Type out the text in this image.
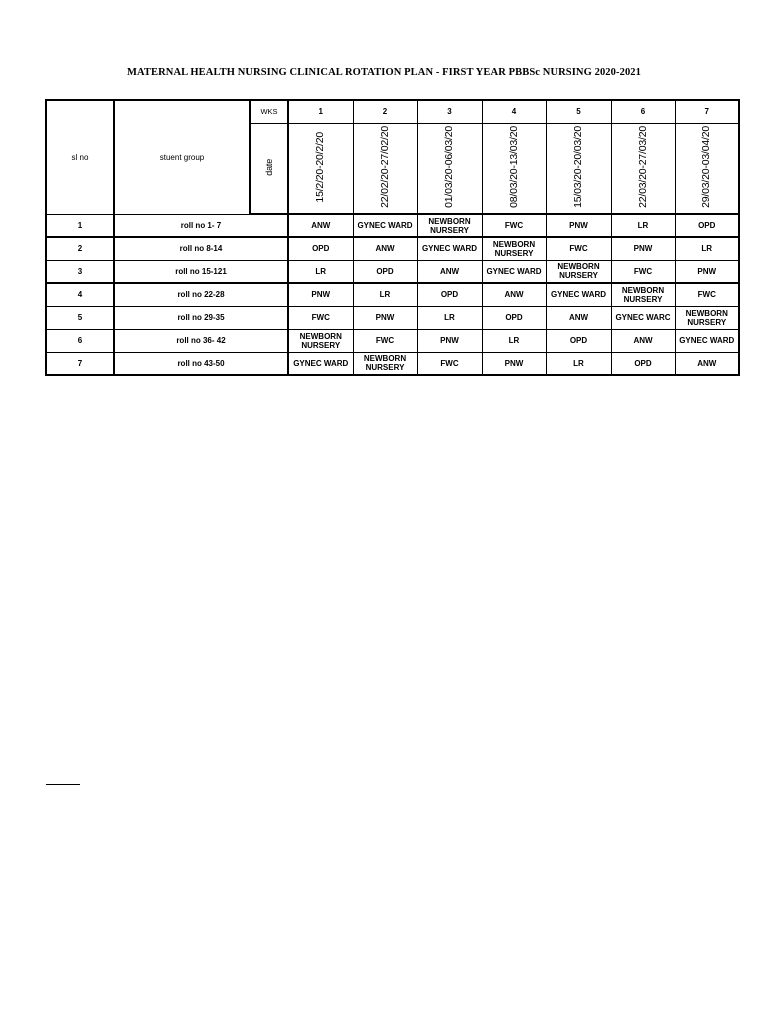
MATERNAL HEALTH NURSING CLINICAL ROTATION PLAN - FIRST YEAR PBBSc NURSING 2020-2021
sl no	stuent group	WKS	1	2	3	4	5	6	7
		date	15/2/20-20/2/20	22/02/20-27/02/20	01/03/20-06/03/20	08/03/20-13/03/20	15/03/20-20/03/20	22/03/20-27/03/20	29/03/20-03/04/20
1	roll no 1- 7		ANW	GYNEC WARD	NEWBORN NURSERY	FWC	PNW	LR	OPD
2	roll no 8-14		OPD	ANW	GYNEC WARD	NEWBORN NURSERY	FWC	PNW	LR
3	roll no 15-121		LR	OPD	ANW	GYNEC WARD	NEWBORN NURSERY	FWC	PNW
4	roll no 22-28		PNW	LR	OPD	ANW	GYNEC WARD	NEWBORN NURSERY	FWC
5	roll no 29-35		FWC	PNW	LR	OPD	ANW	GYNEC WARC	NEWBORN NURSERY
6	roll no 36- 42		NEWBORN NURSERY	FWC	PNW	LR	OPD	ANW	GYNEC WARD
7	roll no 43-50		GYNEC WARD	NEWBORN NURSERY	FWC	PNW	LR	OPD	ANW
